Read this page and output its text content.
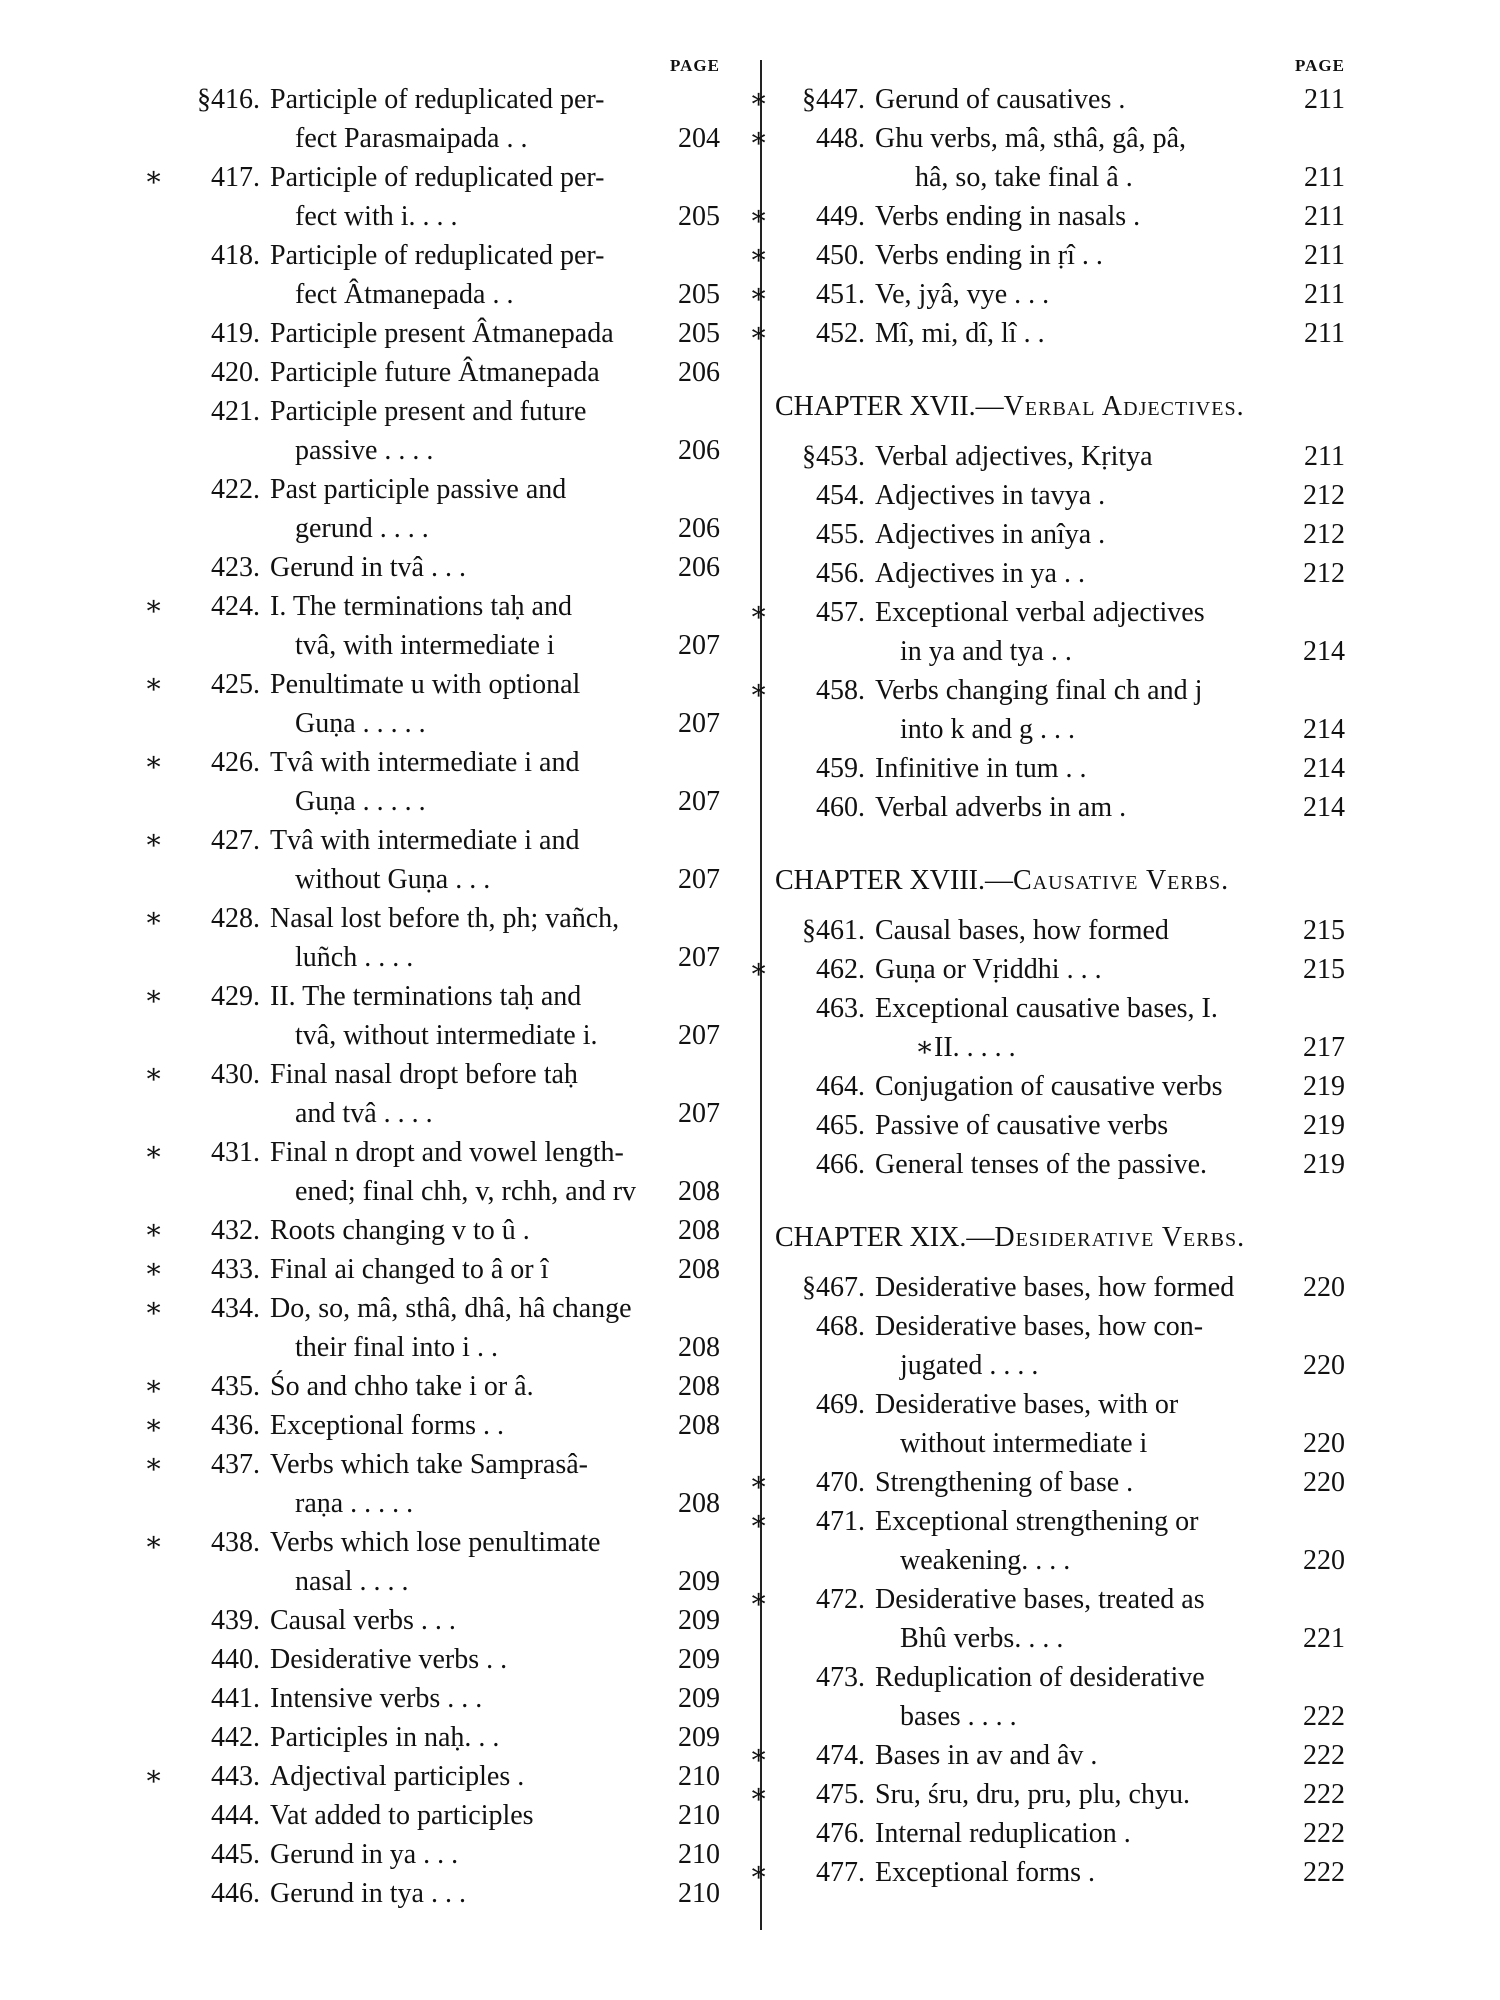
PAGE
§416. Participle of reduplicated per-
fect Parasmaipada . .	204
∗	417. Participle of reduplicated per-
fect with i. . . .	205
418. Participle of reduplicated per-
fect Âtmanepada . .	205
419. Participle present Âtmanepada	205
420. Participle future Âtmanepada	206
421. Participle present and future
passive . . . .	206
422. Past participle passive and
gerund . . . .	206
423. Gerund in tvâ . . .	206
∗	424. I. The terminations taḥ and
tvâ, with intermediate i	207
∗	425. Penultimate u with optional
Guṇa . . . . .	207
∗	426. Tvâ with intermediate i and
Guṇa . . . . .	207
∗	427. Tvâ with intermediate i and
without Guṇa . . .	207
∗	428. Nasal lost before th, ph; vañch,
luñch . . . .	207
∗	429. II. The terminations taḥ and
tvâ, without intermediate i.	207
∗	430. Final nasal dropt before taḥ
and tvâ . . . .	207
∗	431. Final n dropt and vowel length-
ened; final chh, v, rchh, and rv	208
∗	432. Roots changing v to û .	208
∗	433. Final ai changed to â or î	208
∗	434. Do, so, mâ, sthâ, dhâ, hâ change
their final into i . .	208
∗	435. Śo and chho take i or â.	208
∗	436. Exceptional forms . .	208
∗	437. Verbs which take Samprasâ-
raṇa . . . . .	208
∗	438. Verbs which lose penultimate
nasal . . . .	209
439. Causal verbs . . .	209
440. Desiderative verbs . .	209
441. Intensive verbs . . .	209
442. Participles in naḥ. . .	209
∗	443. Adjectival participles .	210
444. Vat added to participles	210
445. Gerund in ya . . .	210
446. Gerund in tya . . .	210
PAGE
∗	§447. Gerund of causatives .	211
∗	448. Ghu verbs, mâ, sthâ, gâ, pâ,
hâ, so, take final â .	211
∗	449. Verbs ending in nasals .	211
∗	450. Verbs ending in ṛî . .	211
∗	451. Ve, jyâ, vye . . .	211
∗	452. Mî, mi, dî, lî . .	211
CHAPTER XVII.—Verbal Adjectives.
§453. Verbal adjectives, Kṛitya	211
454. Adjectives in tavya .	212
455. Adjectives in anîya .	212
456. Adjectives in ya . .	212
∗	457. Exceptional verbal adjectives
in ya and tya . .	214
∗	458. Verbs changing final ch and j
into k and g . . .	214
459. Infinitive in tum . .	214
460. Verbal adverbs in am .	214
CHAPTER XVIII.—Causative Verbs.
§461. Causal bases, how formed	215
∗	462. Guṇa or Vṛiddhi . . .	215
463. Exceptional causative bases, I.
∗II. . . . .	217
464. Conjugation of causative verbs	219
465. Passive of causative verbs	219
466. General tenses of the passive.	219
CHAPTER XIX.—Desiderative Verbs.
§467. Desiderative bases, how formed	220
468. Desiderative bases, how con-
jugated . . . .	220
469. Desiderative bases, with or
without intermediate i	220
∗	470. Strengthening of base .	220
∗	471. Exceptional strengthening or
weakening. . . .	220
∗	472. Desiderative bases, treated as
Bhû verbs. . . .	221
473. Reduplication of desiderative
bases . . . .	222
∗	474. Bases in av and âv .	222
∗	475. Sru, śru, dru, pru, plu, chyu.	222
476. Internal reduplication .	222
∗	477. Exceptional forms .	222
